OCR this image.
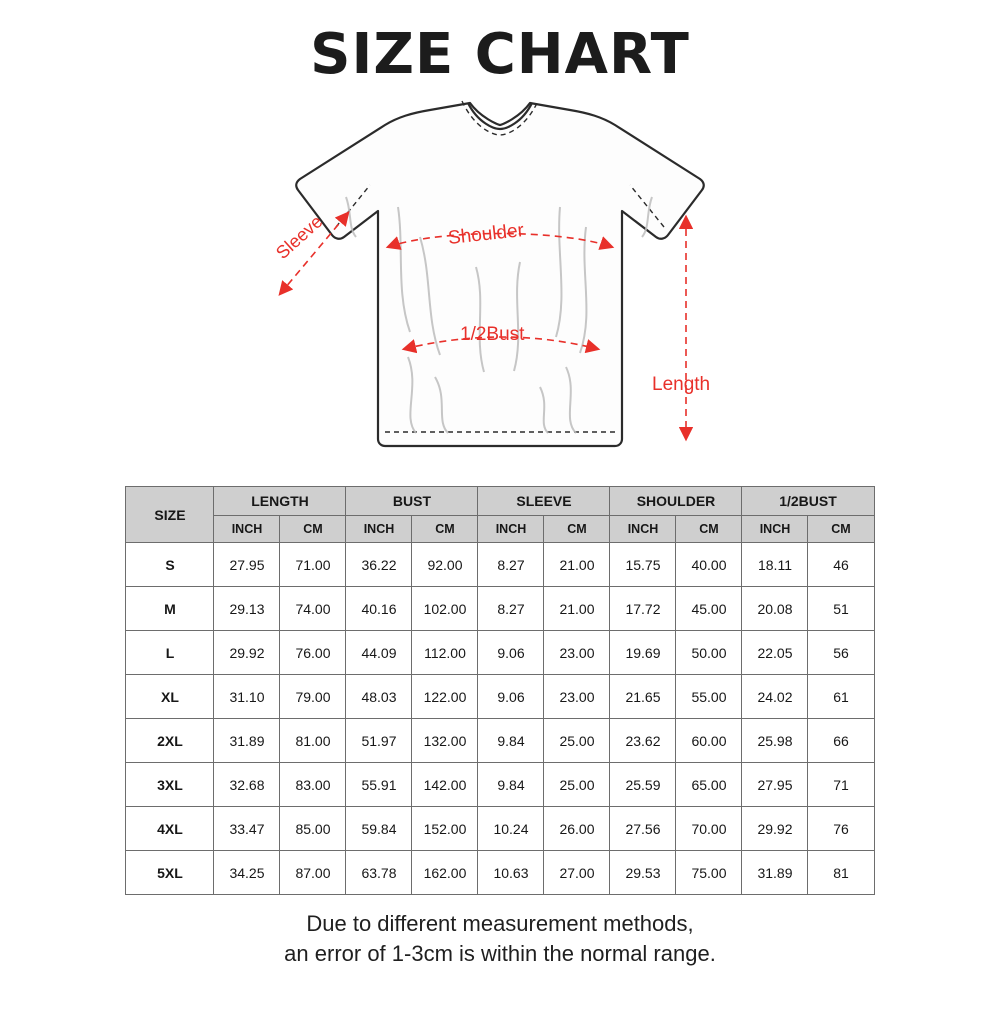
SIZE CHART
Sleeve	Shoulder
1/2Bust
Length
SIZE	LENGTH		BUST		SLEEVE		SHOULDER		1/2BUST	
	INCH	CM	INCH	CM	INCH	CM	INCH	CM	INCH	CM
S	27.95	71.00	36.22	92.00	8.27	21.00	15.75	40.00	18.11	46
M	29.13	74.00	40.16	102.00	8.27	21.00	17.72	45.00	20.08	51
L	29.92	76.00	44.09	112.00	9.06	23.00	19.69	50.00	22.05	56
XL	31.10	79.00	48.03	122.00	9.06	23.00	21.65	55.00	24.02	61
2XL	31.89	81.00	51.97	132.00	9.84	25.00	23.62	60.00	25.98	66
3XL	32.68	83.00	55.91	142.00	9.84	25.00	25.59	65.00	27.95	71
4XL	33.47	85.00	59.84	152.00	10.24	26.00	27.56	70.00	29.92	76
5XL	34.25	87.00	63.78	162.00	10.63	27.00	29.53	75.00	31.89	81
Due to different measurement methods,
an error of 1-3cm is within the normal range.
